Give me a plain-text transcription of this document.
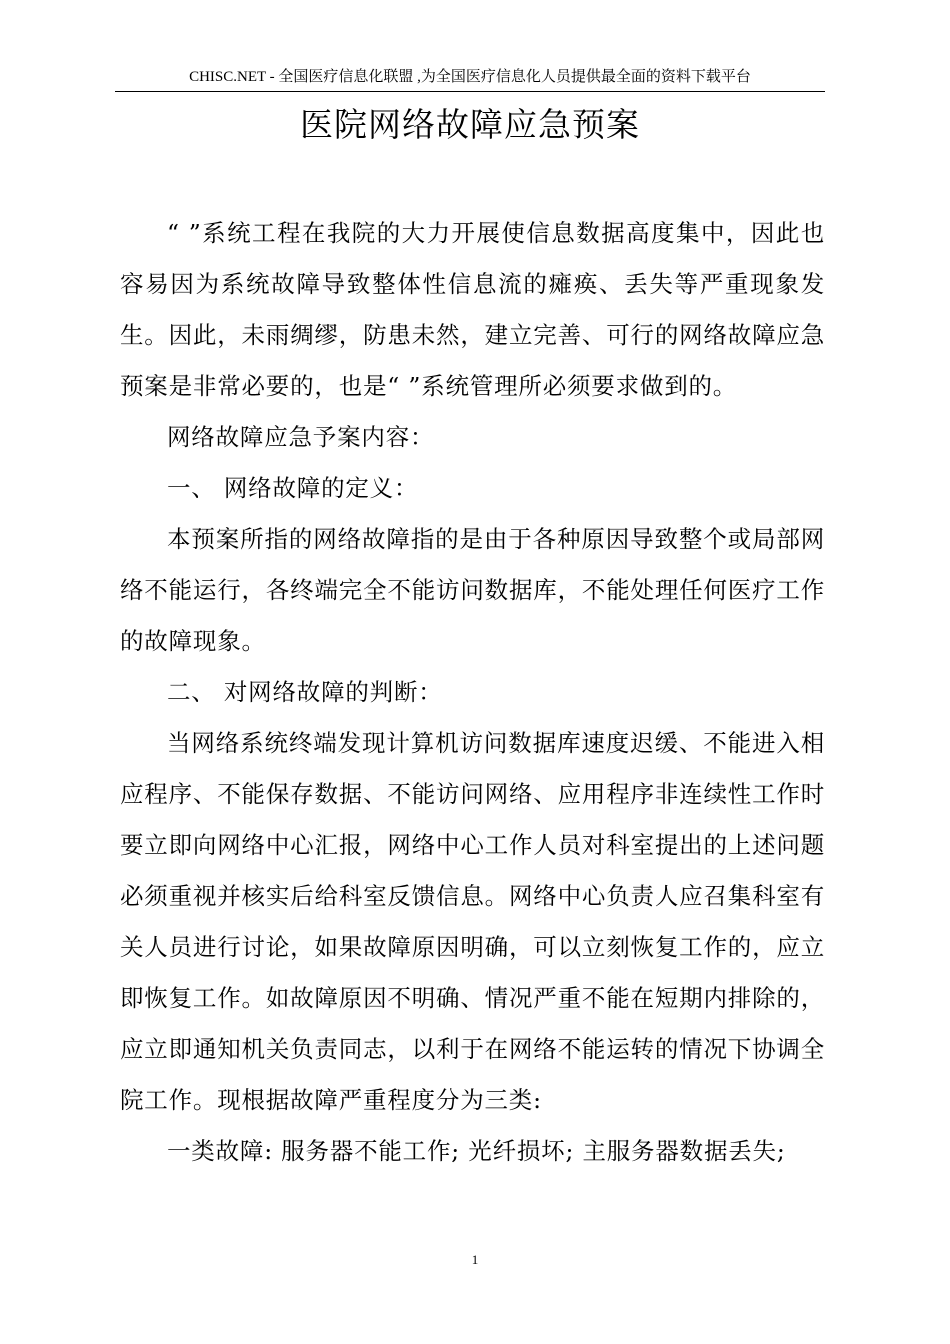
CHISC.NET - 全国医疗信息化联盟 ,为全国医疗信息化人员提供最全面的资料下载平台
医院网络故障应急预案

“ ”系统工程在我院的大力开展使信息数据高度集中，因此也容易因为系统故障导致整体性信息流的瘫痪、丢失等严重现象发生。因此，未雨绸缪，防患未然，建立完善、可行的网络故障应急预案是非常必要的，也是“ ”系统管理所必须要求做到的。

网络故障应急予案内容：

一、 网络故障的定义：

本预案所指的网络故障指的是由于各种原因导致整个或局部网络不能运行，各终端完全不能访问数据库，不能处理任何医疗工作的故障现象。

二、 对网络故障的判断：

当网络系统终端发现计算机访问数据库速度迟缓、不能进入相应程序、不能保存数据、不能访问网络、应用程序非连续性工作时要立即向网络中心汇报，网络中心工作人员对科室提出的上述问题必须重视并核实后给科室反馈信息。网络中心负责人应召集科室有关人员进行讨论，如果故障原因明确，可以立刻恢复工作的，应立即恢复工作。如故障原因不明确、情况严重不能在短期内排除的，应立即通知机关负责同志，以利于在网络不能运转的情况下协调全院工作。现根据故障严重程度分为三类:

一类故障: 服务器不能工作; 光纤损坏; 主服务器数据丢失;

1
